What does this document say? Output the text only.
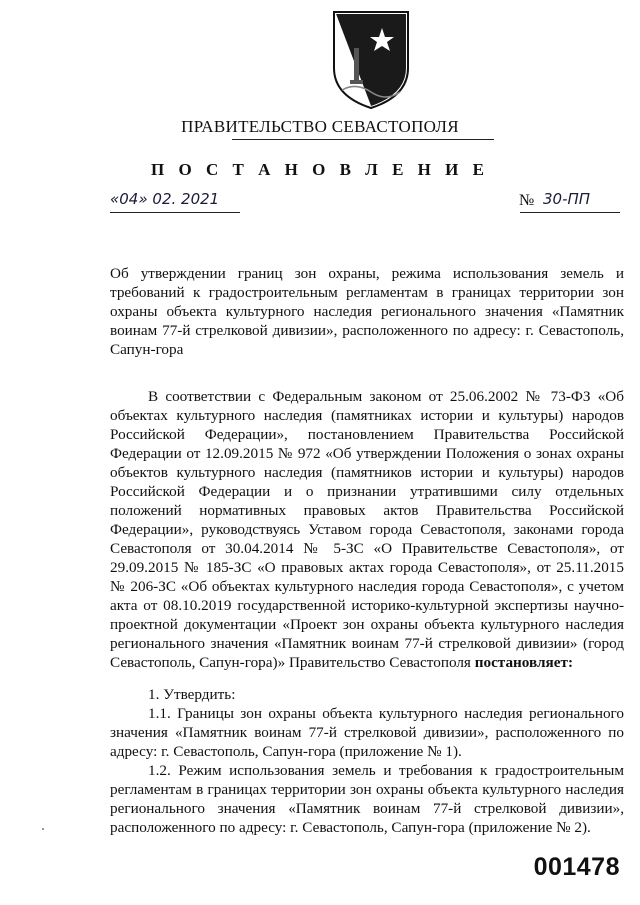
ПРАВИТЕЛЬСТВО СЕВАСТОПОЛЯ
П О С Т А Н О В Л Е Н И Е
«04» 02. 2021	№ 30-ПП
Об утверждении границ зон охраны, режима использования земель и требований к градостроительным регламентам в границах территории зон охраны объекта культурного наследия регионального значения «Памятник воинам 77-й стрелковой дивизии», расположенного по адресу: г. Севастополь, Сапун-гора

В соответствии с Федеральным законом от 25.06.2002 № 73-ФЗ «Об объектах культурного наследия (памятниках истории и культуры) народов Российской Федерации», постановлением Правительства Российской Федерации от 12.09.2015 № 972 «Об утверждении Положения о зонах охраны объектов культурного наследия (памятников истории и культуры) народов Российской Федерации и о признании утратившими силу отдельных положений нормативных правовых актов Правительства Российской Федерации», руководствуясь Уставом города Севастополя, законами города Севастополя от 30.04.2014 № 5-ЗС «О Правительстве Севастополя», от 29.09.2015 № 185-ЗС «О правовых актах города Севастополя», от 25.11.2015 № 206-ЗС «Об объектах культурного наследия города Севастополя», с учетом акта от 08.10.2019 государственной историко-культурной экспертизы научно-проектной документации «Проект зон охраны объекта культурного наследия регионального значения «Памятник воинам 77-й стрелковой дивизии» (город Севастополь, Сапун-гора)» Правительство Севастополя постановляет:

1. Утвердить:

1.1. Границы зон охраны объекта культурного наследия регионального значения «Памятник воинам 77-й стрелковой дивизии», расположенного по адресу: г. Севастополь, Сапун-гора (приложение № 1).

1.2. Режим использования земель и требования к градостроительным регламентам в границах территории зон охраны объекта культурного наследия регионального значения «Памятник воинам 77-й стрелковой дивизии», расположенного по адресу: г. Севастополь, Сапун-гора (приложение № 2).

001478
